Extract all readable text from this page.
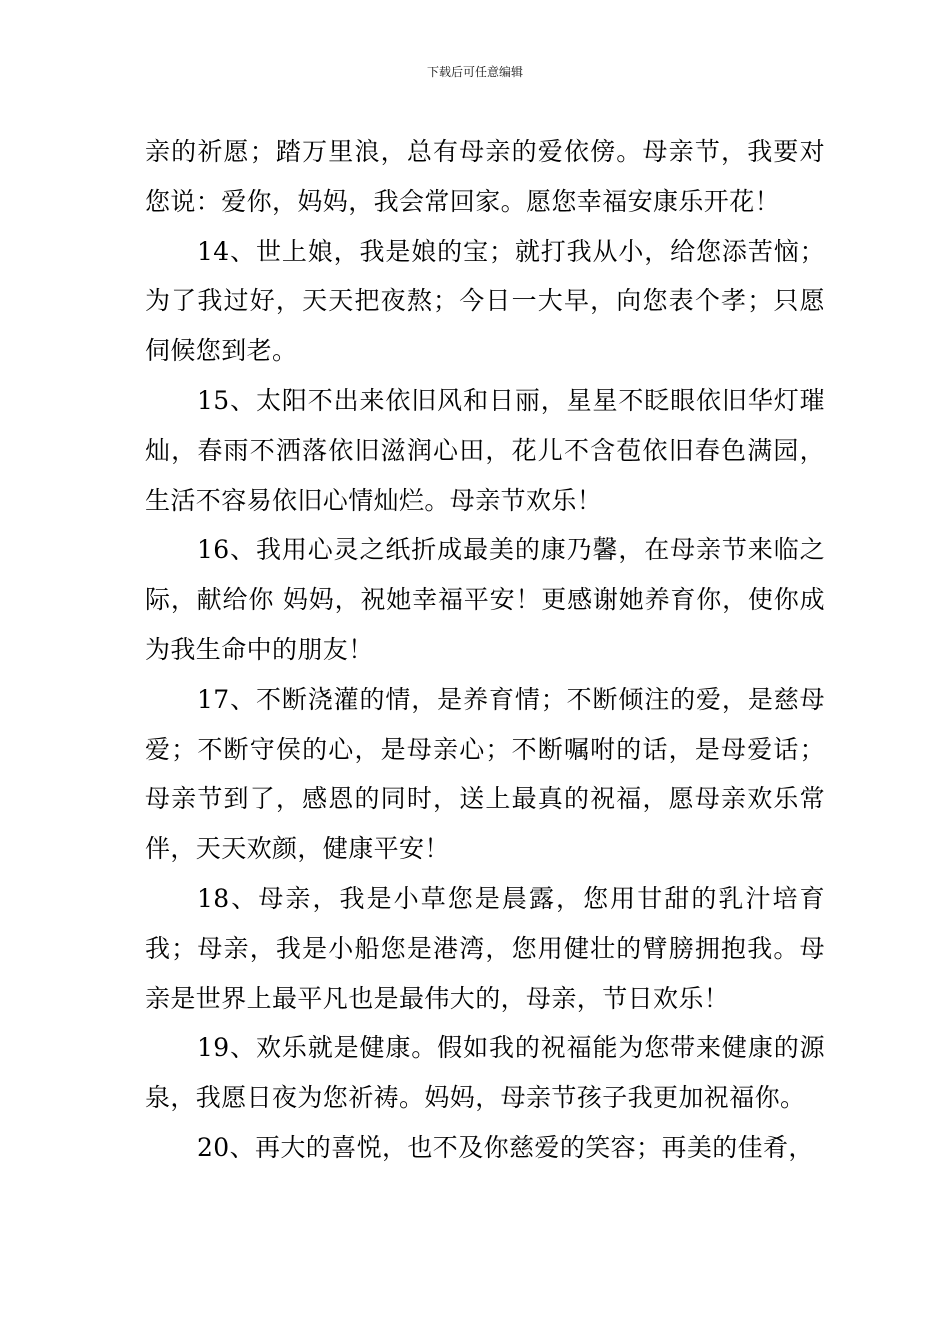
下载后可任意编辑

亲的祈愿；踏万里浪，总有母亲的爱依傍。母亲节，我要对您说：爱你，妈妈，我会常回家。愿您幸福安康乐开花！

14、世上娘，我是娘的宝；就打我从小，给您添苦恼；为了我过好，天天把夜熬；今日一大早，向您表个孝；只愿伺候您到老。

15、太阳不出来依旧风和日丽，星星不眨眼依旧华灯璀灿，春雨不洒落依旧滋润心田，花儿不含苞依旧春色满园，生活不容易依旧心情灿烂。母亲节欢乐！

16、我用心灵之纸折成最美的康乃馨，在母亲节来临之际，献给你 妈妈，祝她幸福平安！更感谢她养育你，使你成为我生命中的朋友！

17、不断浇灌的情，是养育情；不断倾注的爱，是慈母爱；不断守侯的心，是母亲心；不断嘱咐的话，是母爱话；母亲节到了，感恩的同时，送上最真的祝福，愿母亲欢乐常伴，天天欢颜，健康平安！

18、母亲，我是小草您是晨露，您用甘甜的乳汁培育我；母亲，我是小船您是港湾，您用健壮的臂膀拥抱我。母亲是世界上最平凡也是最伟大的，母亲，节日欢乐！

19、欢乐就是健康。假如我的祝福能为您带来健康的源泉，我愿日夜为您祈祷。妈妈，母亲节孩子我更加祝福你。

20、再大的喜悦，也不及你慈爱的笑容；再美的佳肴，
